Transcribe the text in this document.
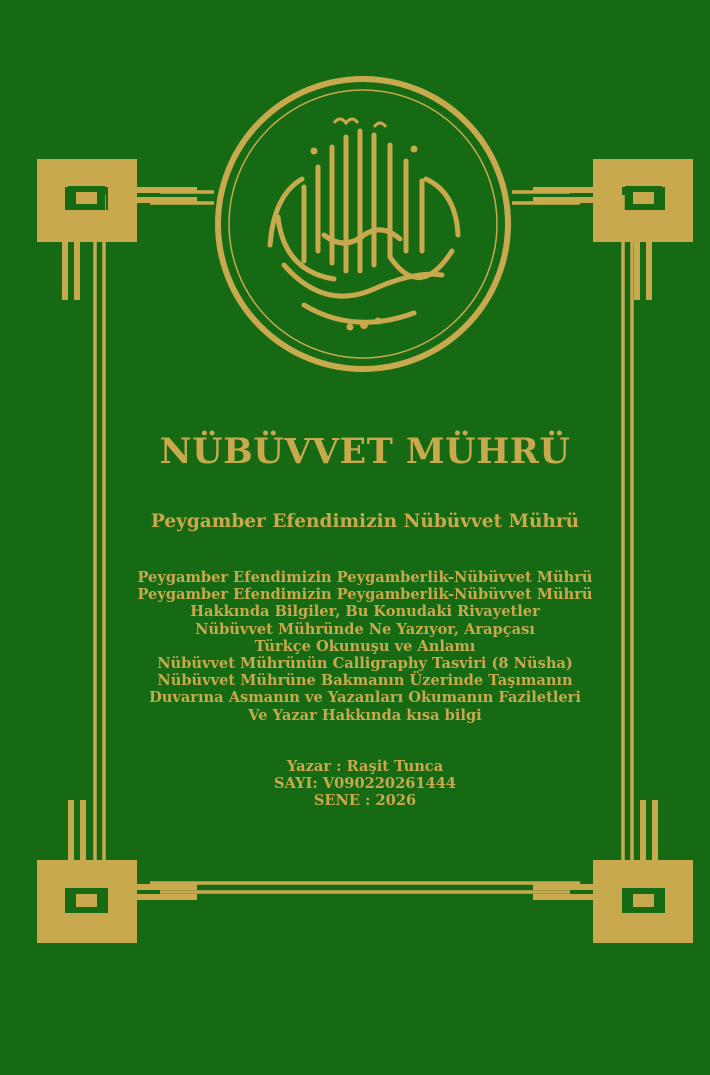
NÜBÜVVET MÜHRÜ
Peygamber Efendimizin Nübüvvet Mührü
Peygamber Efendimizin Peygamberlik-Nübüvvet Mührü
Peygamber Efendimizin Peygamberlik-Nübüvvet Mührü
Hakkında Bilgiler, Bu Konudaki Rivayetler
Nübüvvet Mühründe Ne Yazıyor, Arapçası
Türkçe Okunuşu ve Anlamı
Nübüvvet Mührünün Calligraphy Tasviri (8 Nüsha)
Nübüvvet Mührüne Bakmanın Üzerinde Taşımanın
Duvarına Asmanın ve Yazanları Okumanın Faziletleri
Ve Yazar Hakkında kısa bilgi
Yazar : Raşit Tunca
SAYI: V090220261444
SENE : 2026
